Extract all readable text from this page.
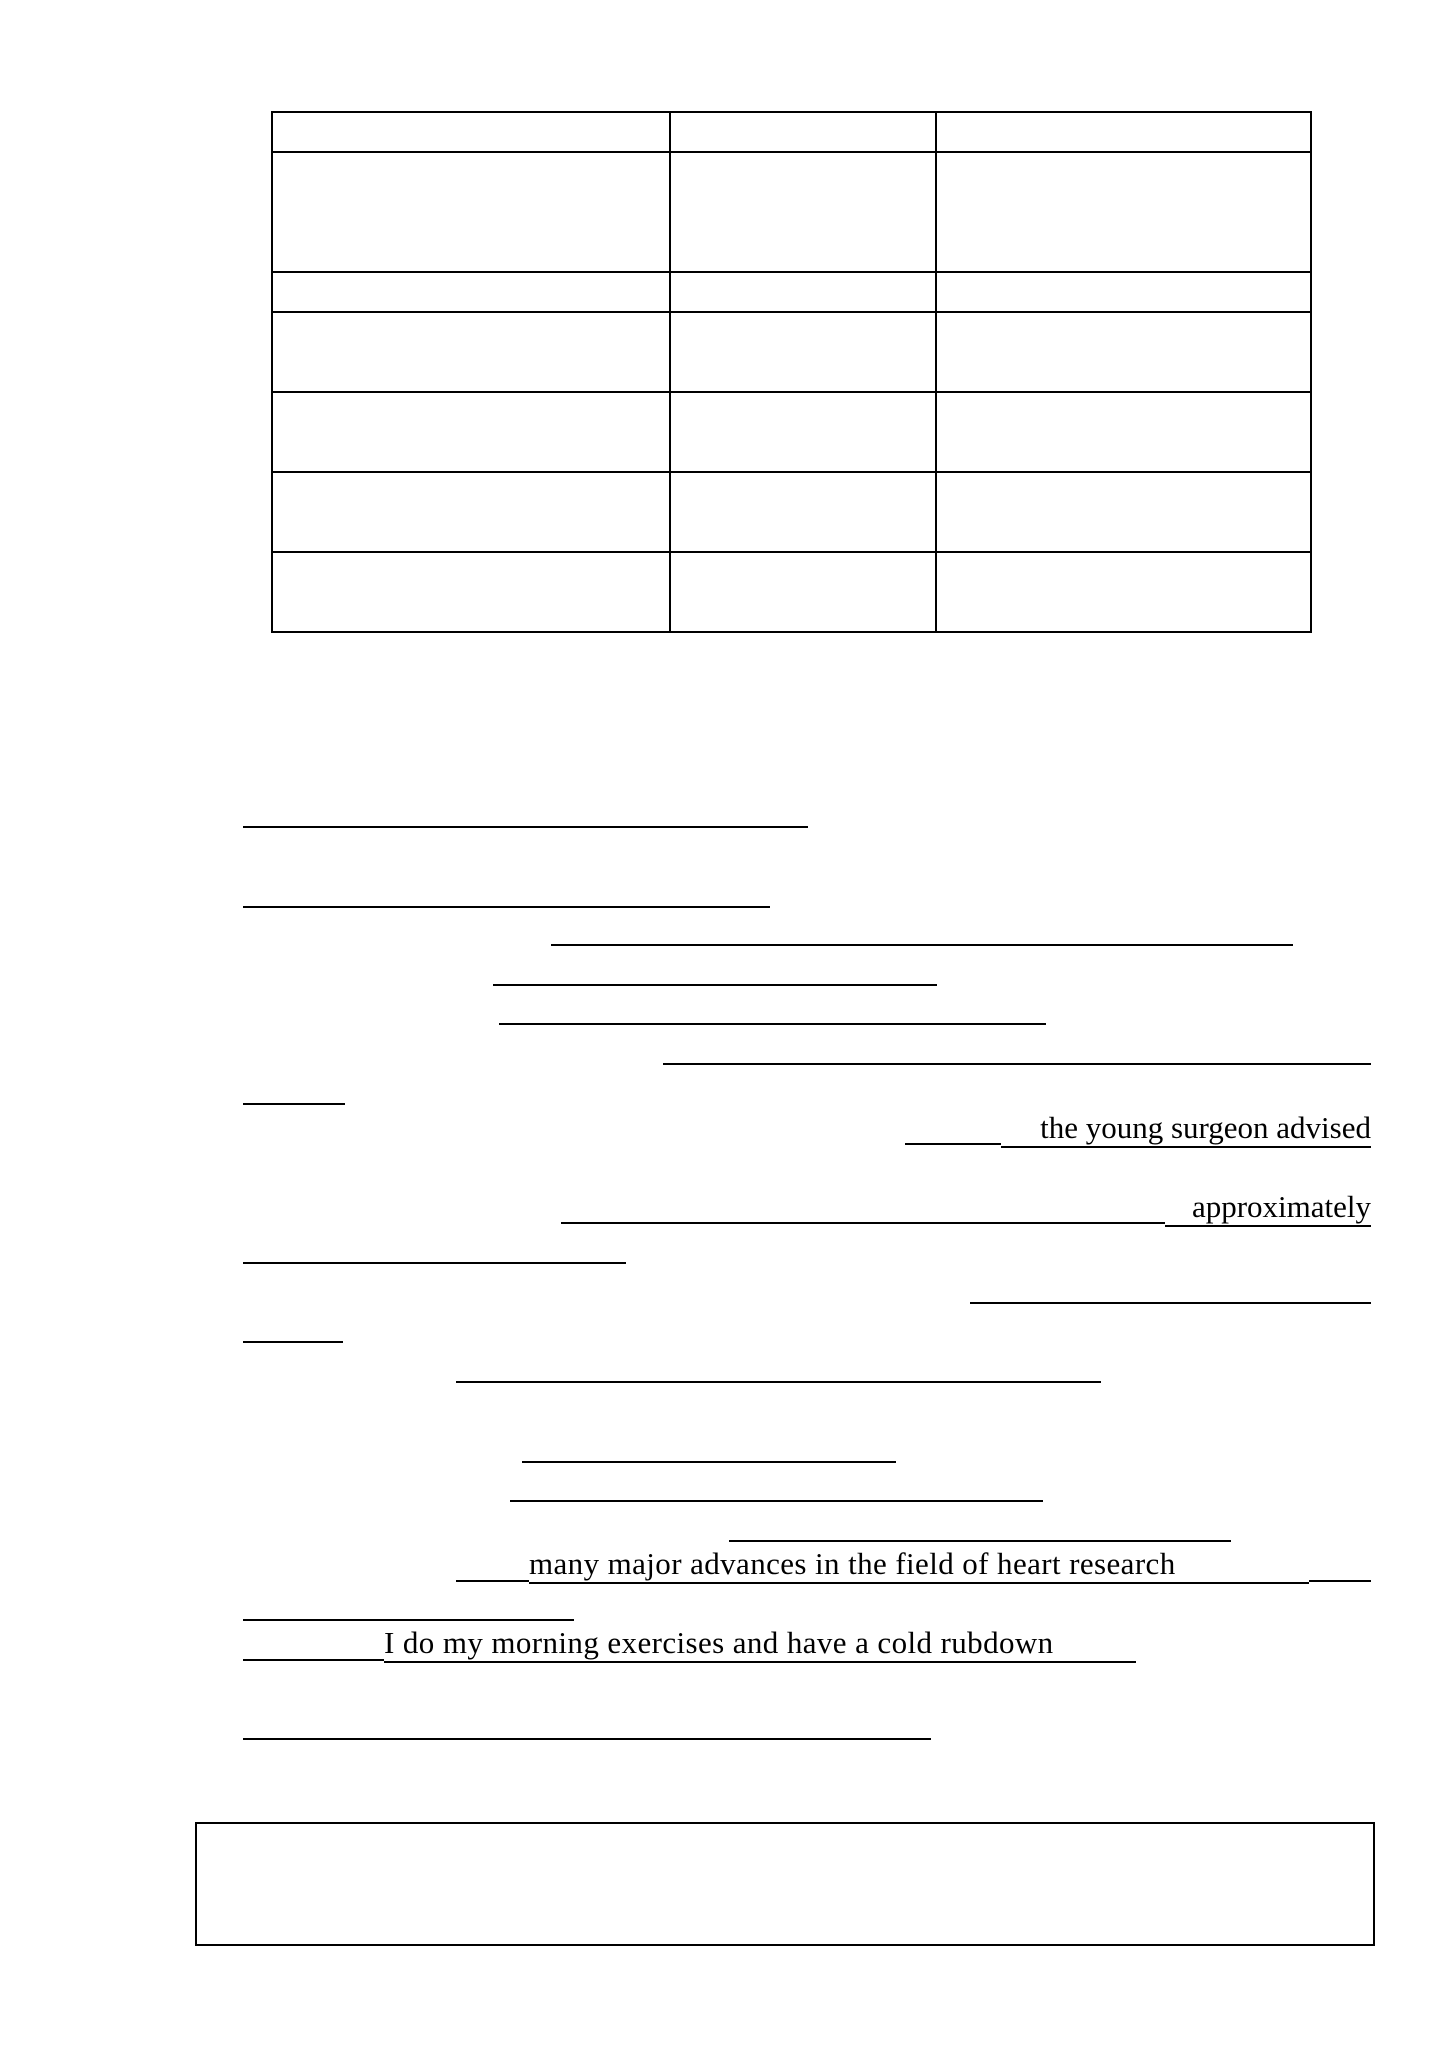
the young surgeon advised
approximately
many major advances in the field of heart research
I do my morning exercises and have a cold rubdown
